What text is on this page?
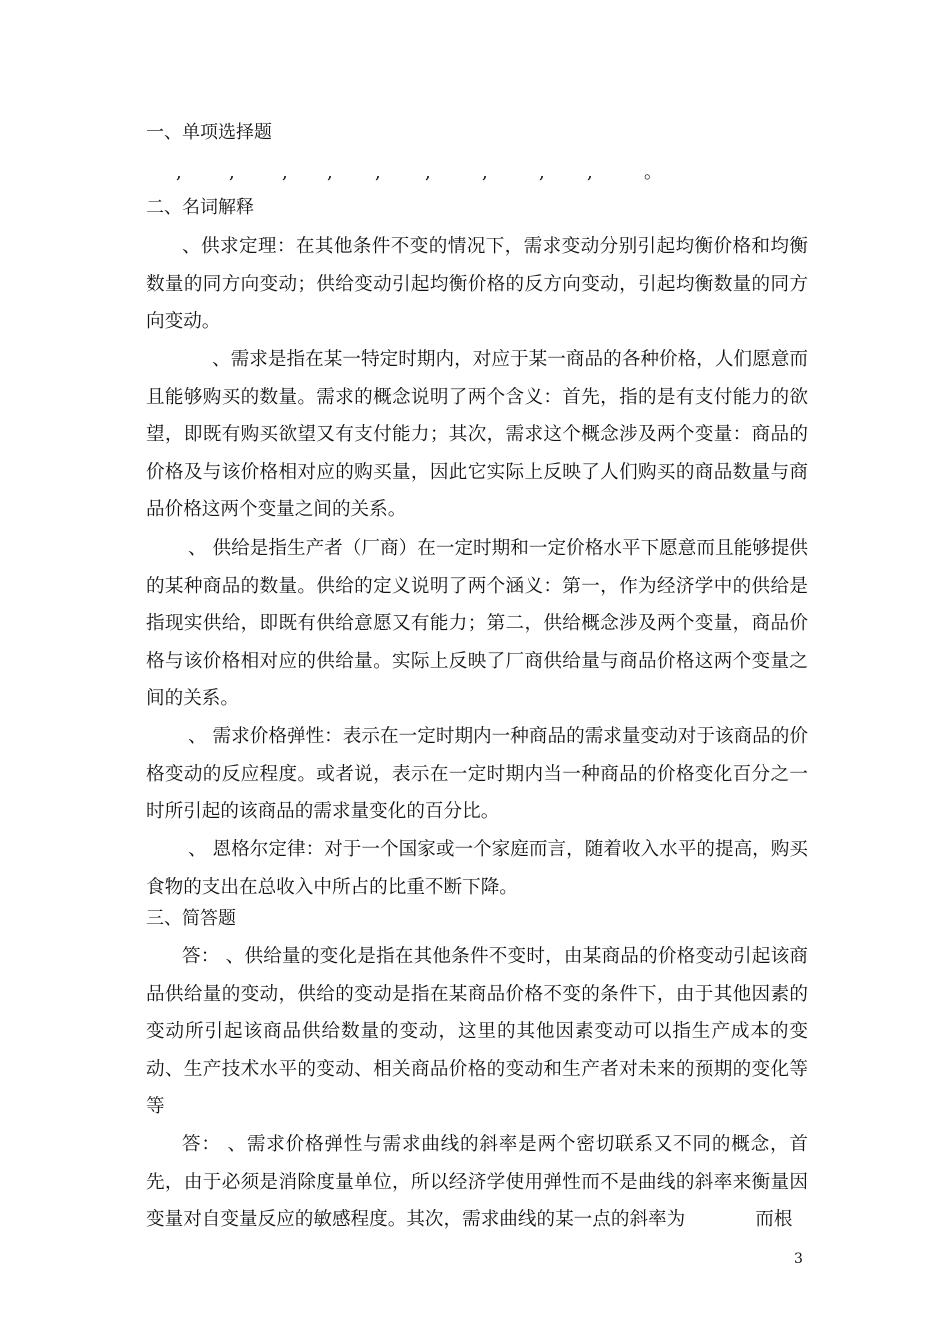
一、单项选择题
,	,	, , , ,	,	, ,	。
二、名词解释

、供求定理：在其他条件不变的情况下，需求变动分别引起均衡价格和均衡数量的同方向变动；供给变动引起均衡价格的反方向变动，引起均衡数量的同方向变动。

、需求是指在某一特定时期内，对应于某一商品的各种价格，人们愿意而且能够购买的数量。需求的概念说明了两个含义：首先，指的是有支付能力的欲望，即既有购买欲望又有支付能力；其次，需求这个概念涉及两个变量：商品的价格及与该价格相对应的购买量，因此它实际上反映了人们购买的商品数量与商品价格这两个变量之间的关系。

、 供给是指生产者（厂商）在一定时期和一定价格水平下愿意而且能够提供的某种商品的数量。供给的定义说明了两个涵义：第一，作为经济学中的供给是指现实供给，即既有供给意愿又有能力；第二，供给概念涉及两个变量，商品价格与该价格相对应的供给量。实际上反映了厂商供给量与商品价格这两个变量之间的关系。

、 需求价格弹性：表示在一定时期内一种商品的需求量变动对于该商品的价格变动的反应程度。或者说，表示在一定时期内当一种商品的价格变化百分之一时所引起的该商品的需求量变化的百分比。

、 恩格尔定律：对于一个国家或一个家庭而言，随着收入水平的提高，购买食物的支出在总收入中所占的比重不断下降。

三、简答题

答： 、供给量的变化是指在其他条件不变时，由某商品的价格变动引起该商品供给量的变动，供给的变动是指在某商品价格不变的条件下，由于其他因素的变动所引起该商品供给数量的变动，这里的其他因素变动可以指生产成本的变动、生产技术水平的变动、相关商品价格的变动和生产者对未来的预期的变化等等

答： 、需求价格弹性与需求曲线的斜率是两个密切联系又不同的概念，首先，由于必须是消除度量单位，所以经济学使用弹性而不是曲线的斜率来衡量因变量对自变量反应的敏感程度。其次，需求曲线的某一点的斜率为	而根

3
